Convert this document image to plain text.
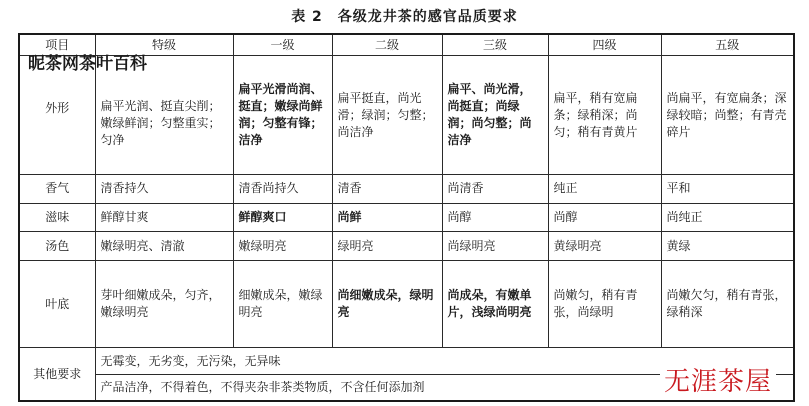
表 2　各级龙井茶的感官品质要求
项目	特级	一级	二级	三级	四级	五级

昵茶网茶叶百科
外形	扁平光润、挺直尖削；嫩绿鲜润；匀整重实；匀净	扁平光滑尚润、挺直；嫩绿尚鲜润；匀整有锋；洁净	扁平挺直，尚光滑；绿润；匀整；尚洁净	扁平、尚光滑，尚挺直；尚绿润；尚匀整；尚洁净	扁平，稍有宽扁条；绿稍深；尚匀；稍有青黄片	尚扁平，有宽扁条；深绿较暗；尚整；有青壳碎片
香气	清香持久	清香尚持久	清香	尚清香	纯正	平和
滋味	鲜醇甘爽	鲜醇爽口	尚鲜	尚醇	尚醇	尚纯正
汤色	嫩绿明亮、清澈	嫩绿明亮	绿明亮	尚绿明亮	黄绿明亮	黄绿
叶底	芽叶细嫩成朵，匀齐，嫩绿明亮	细嫩成朵，嫩绿明亮	尚细嫩成朵，绿明亮	尚成朵，有嫩单片，浅绿尚明亮	尚嫩匀，稍有青张，尚绿明	尚嫩欠匀，稍有青张，绿稍深
其他要求	无霉变，无劣变，无污染，无异味					
	产品洁净，不得着色，不得夹杂非茶类物质，不含任何添加剂						无涯茶屋
